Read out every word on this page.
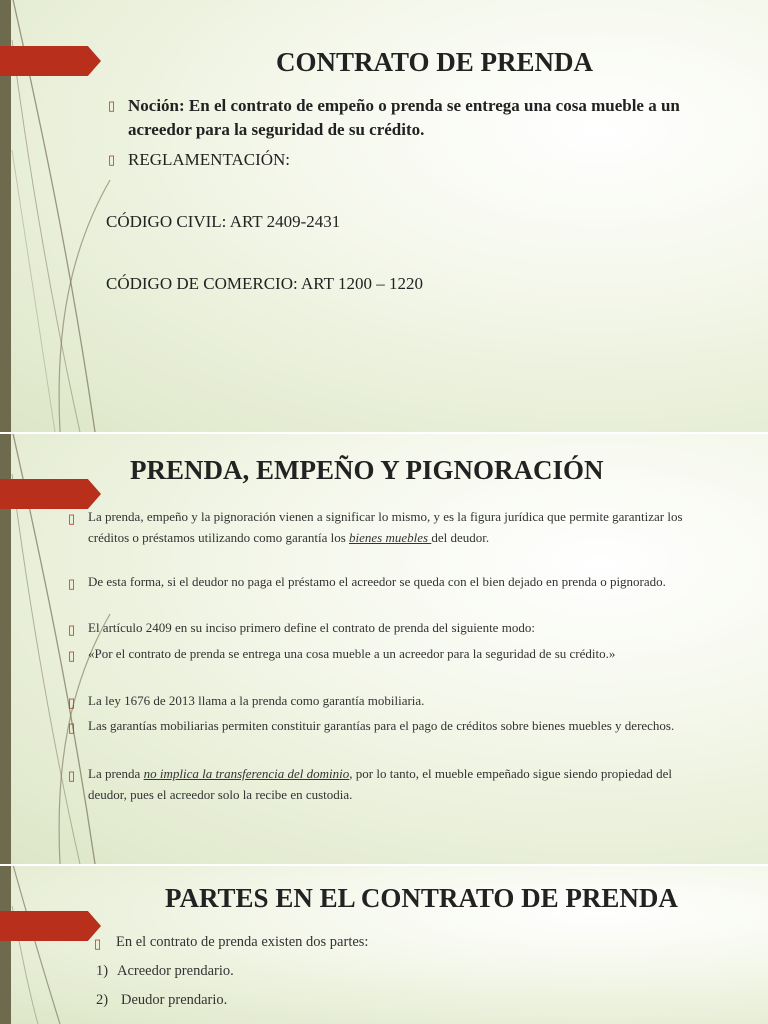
CONTRATO DE PRENDA
▯ Noción: En el contrato de empeño o prenda se entrega una cosa mueble a un acreedor para la seguridad de su crédito.
▯ REGLAMENTACIÓN:
CÓDIGO CIVIL: ART 2409-2431
CÓDIGO DE COMERCIO: ART 1200 – 1220
PRENDA, EMPEÑO Y PIGNORACIÓN
▯ La prenda, empeño y la pignoración vienen a significar lo mismo, y es la figura jurídica que permite garantizar los créditos o préstamos utilizando como garantía los bienes muebles del deudor.
▯ De esta forma, si el deudor no paga el préstamo el acreedor se queda con el bien dejado en prenda o pignorado.
▯ El artículo 2409 en su inciso primero define el contrato de prenda del siguiente modo:
▯ «Por el contrato de prenda se entrega una cosa mueble a un acreedor para la seguridad de su crédito.»
▯ La ley 1676 de 2013 llama a la prenda como garantía mobiliaria.
▯ Las garantías mobiliarias permiten constituir garantías para el pago de créditos sobre bienes muebles y derechos.
▯ La prenda no implica la transferencia del dominio, por lo tanto, el mueble empeñado sigue siendo propiedad del deudor, pues el acreedor solo la recibe en custodia.
PARTES EN EL CONTRATO DE PRENDA
▯ En el contrato de prenda existen dos partes:
1) Acreedor prendario.
2) Deudor prendario.
